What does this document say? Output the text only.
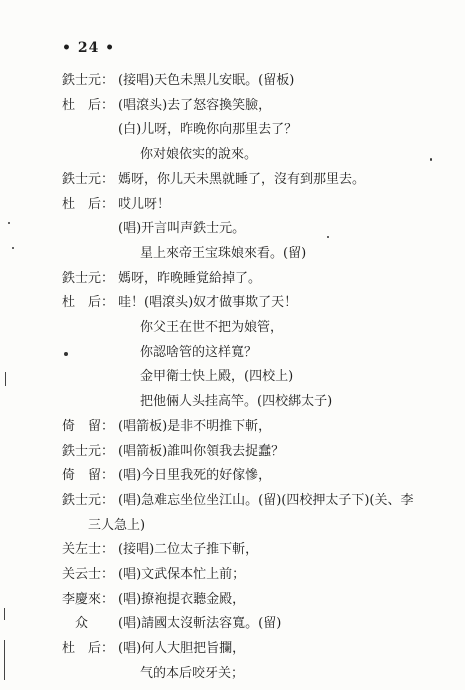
• 24 •
鉄士元： (接唱)天色未黑儿安眠。(留板)
杜　后： (唱滾头)去了怒容換笑臉，
(白)儿呀，昨晚你向那里去了？
你对娘依实的說來。
鉄士元： 媽呀，你儿天未黑就睡了，沒有到那里去。
杜　后： 哎儿呀！
(唱)开言叫声鉄士元。
星上來帝王宝珠娘來看。(留)
鉄士元： 媽呀，昨晚睡覚給掉了。
杜　后： 哇！(唱滾头)奴才做事欺了天！
你父王在世不把为娘管，
你認啥管的这样寬？
金甲衛士快上殿，(四校上)
把他倆人头挂高竿。(四校綁太子)
倚　留： (唱箭板)是非不明推下斬，
鉄士元： (唱箭板)誰叫你領我去捉蠢？
倚　留： (唱)今日里我死的好傢慘，
鉄士元： (唱)急难忘坐位坐江山。(留)(四校押太子下)(关、李
三人急上)
关左士： (接唱)二位太子推下斬，
关云士： (唱)文武保本忙上前；
李慶來： (唱)撩袍提衣聽金殿，
　众　 (唱)請國太沒斬法容寬。(留)
杜　后： (唱)何人大胆把旨攔，
气的本后咬牙关；
